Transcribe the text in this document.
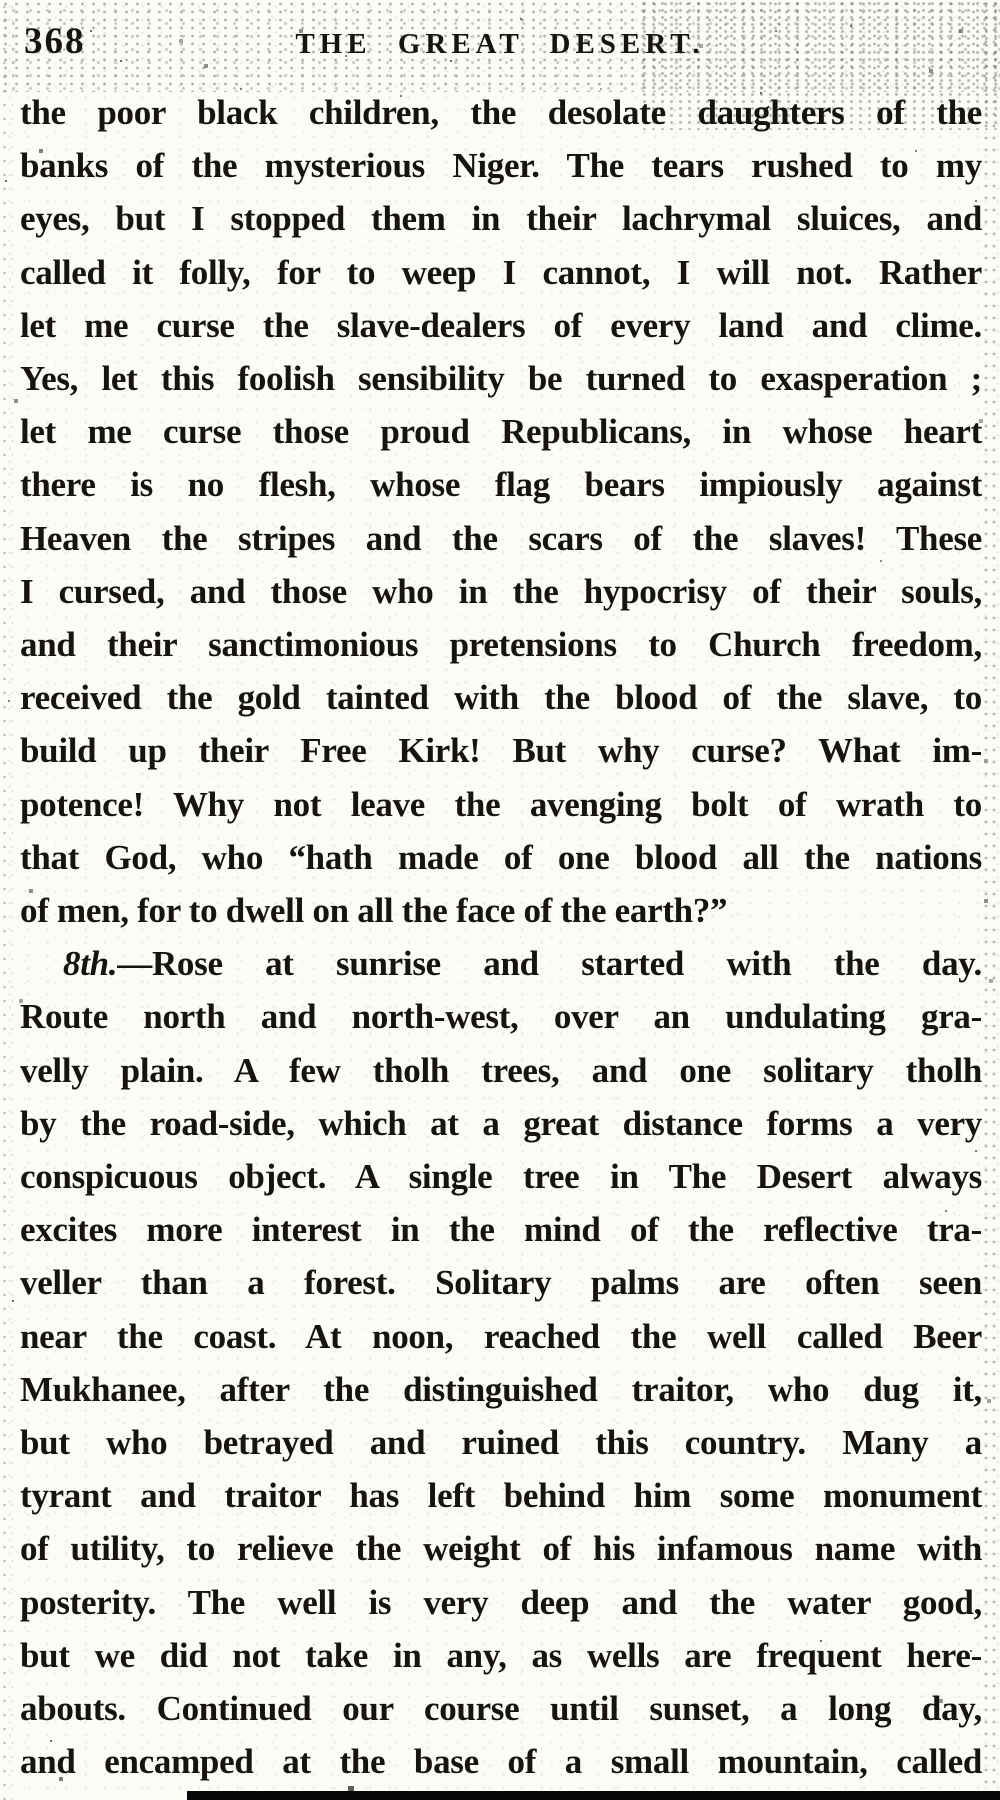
368	THE GREAT DESERT.
the poor black children, the desolate daughters of the
banks of the mysterious Niger. The tears rushed to my
eyes, but I stopped them in their lachrymal sluices, and
called it folly, for to weep I cannot, I will not. Rather
let me curse the slave-dealers of every land and clime.
Yes, let this foolish sensibility be turned to exasperation ;
let me curse those proud Republicans, in whose heart
there is no flesh, whose flag bears impiously against
Heaven the stripes and the scars of the slaves! These
I cursed, and those who in the hypocrisy of their souls,
and their sanctimonious pretensions to Church freedom,
received the gold tainted with the blood of the slave, to
build up their Free Kirk! But why curse? What im-
potence! Why not leave the avenging bolt of wrath to
that God, who “hath made of one blood all the nations
of men, for to dwell on all the face of the earth?”
8th.—Rose at sunrise and started with the day.
Route north and north-west, over an undulating gra-
velly plain. A few tholh trees, and one solitary tholh
by the road-side, which at a great distance forms a very
conspicuous object. A single tree in The Desert always
excites more interest in the mind of the reflective tra-
veller than a forest. Solitary palms are often seen
near the coast. At noon, reached the well called Beer
Mukhanee, after the distinguished traitor, who dug it,
but who betrayed and ruined this country. Many a
tyrant and traitor has left behind him some monument
of utility, to relieve the weight of his infamous name with
posterity. The well is very deep and the water good,
but we did not take in any, as wells are frequent here-
abouts. Continued our course until sunset, a long day,
and encamped at the base of a small mountain, called
